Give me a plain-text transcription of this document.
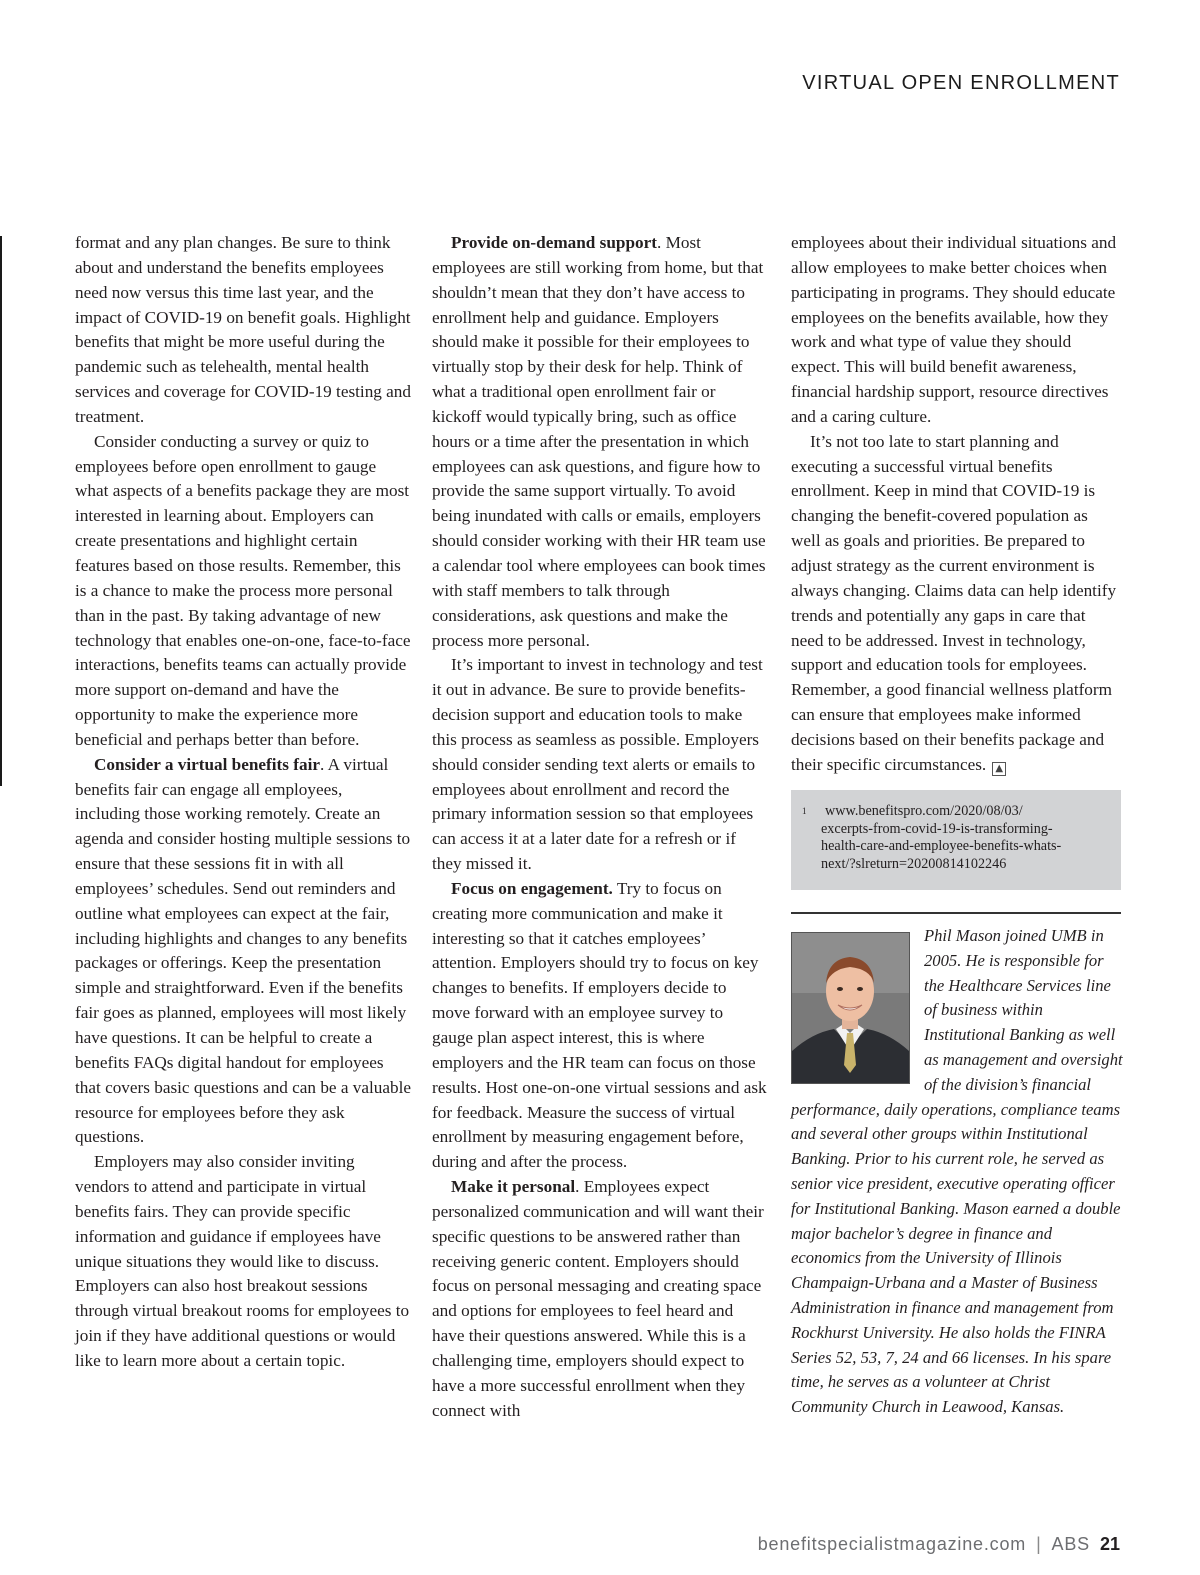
VIRTUAL OPEN ENROLLMENT

format and any plan changes. Be sure to think about and understand the benefits employees need now versus this time last year, and the impact of COVID-19 on benefit goals. Highlight benefits that might be more useful during the pandemic such as telehealth, mental health services and coverage for COVID-19 testing and treatment.

Consider conducting a survey or quiz to employees before open enrollment to gauge what aspects of a benefits package they are most interested in learning about. Employers can create presentations and highlight certain features based on those results. Remember, this is a chance to make the process more personal than in the past. By taking advantage of new technology that enables one-on-one, face-to-face interactions, benefits teams can actually provide more support on-demand and have the opportunity to make the experience more beneficial and perhaps better than before.

Consider a virtual benefits fair. A virtual benefits fair can engage all employees, including those working remotely. Create an agenda and consider hosting multiple sessions to ensure that these sessions fit in with all employees’ schedules. Send out reminders and outline what employees can expect at the fair, including highlights and changes to any benefits packages or offerings. Keep the presentation simple and straightforward. Even if the benefits fair goes as planned, employees will most likely have questions. It can be helpful to create a benefits FAQs digital handout for employees that covers basic questions and can be a valuable resource for employees before they ask questions.

Employers may also consider inviting vendors to attend and participate in virtual benefits fairs. They can provide specific information and guidance if employees have unique situations they would like to discuss. Employers can also host breakout sessions through virtual breakout rooms for employees to join if they have additional questions or would like to learn more about a certain topic.

Provide on-demand support. Most employees are still working from home, but that shouldn’t mean that they don’t have access to enrollment help and guidance. Employers should make it possible for their employees to virtually stop by their desk for help. Think of what a traditional open enrollment fair or kickoff would typically bring, such as office hours or a time after the presentation in which employees can ask questions, and figure how to provide the same support virtually. To avoid being inundated with calls or emails, employers should consider working with their HR team use a calendar tool where employees can book times with staff members to talk through considerations, ask questions and make the process more personal.

It’s important to invest in technology and test it out in advance. Be sure to provide benefits-decision support and education tools to make this process as seamless as possible. Employers should consider sending text alerts or emails to employees about enrollment and record the primary information session so that employees can access it at a later date for a refresh or if they missed it.

Focus on engagement. Try to focus on creating more communication and make it interesting so that it catches employees’ attention. Employers should try to focus on key changes to benefits. If employers decide to move forward with an employee survey to gauge plan aspect interest, this is where employers and the HR team can focus on those results. Host one-on-one virtual sessions and ask for feedback. Measure the success of virtual enrollment by measuring engagement before, during and after the process.

Make it personal. Employees expect personalized communication and will want their specific questions to be answered rather than receiving generic content. Employers should focus on personal messaging and creating space and options for employees to feel heard and have their questions answered. While this is a challenging time, employers should expect to have a more successful enrollment when they connect with

employees about their individual situations and allow employees to make better choices when participating in programs. They should educate employees on the benefits available, how they work and what type of value they should expect. This will build benefit awareness, financial hardship support, resource directives and a caring culture.

It’s not too late to start planning and executing a successful virtual benefits enrollment. Keep in mind that COVID-19 is changing the benefit-covered population as well as goals and priorities. Be prepared to adjust strategy as the current environment is always changing. Claims data can help identify trends and potentially any gaps in care that need to be addressed. Invest in technology, support and education tools for employees. Remember, a good financial wellness platform can ensure that employees make informed decisions based on their benefits package and their specific circumstances. ▲

1 www.benefitspro.com/2020/08/03/
excerpts-from-covid-19-is-transforming-
health-care-and-employee-benefits-whats-
next/?slreturn=20200814102246
Phil Mason joined UMB in 2005. He is responsible for the Healthcare Services line of business within Institutional Banking as well as management and oversight of the division’s financial performance, daily operations, compliance teams and several other groups within Institutional Banking. Prior to his current role, he served as senior vice president, executive operating officer for Institutional Banking. Mason earned a double major bachelor’s degree in finance and economics from the University of Illinois Champaign-Urbana and a Master of Business Administration in finance and management from Rockhurst University. He also holds the FINRA Series 52, 53, 7, 24 and 66 licenses. In his spare time, he serves as a volunteer at Christ Community Church in Leawood, Kansas.
benefitspecialistmagazine.com | ABS 21
